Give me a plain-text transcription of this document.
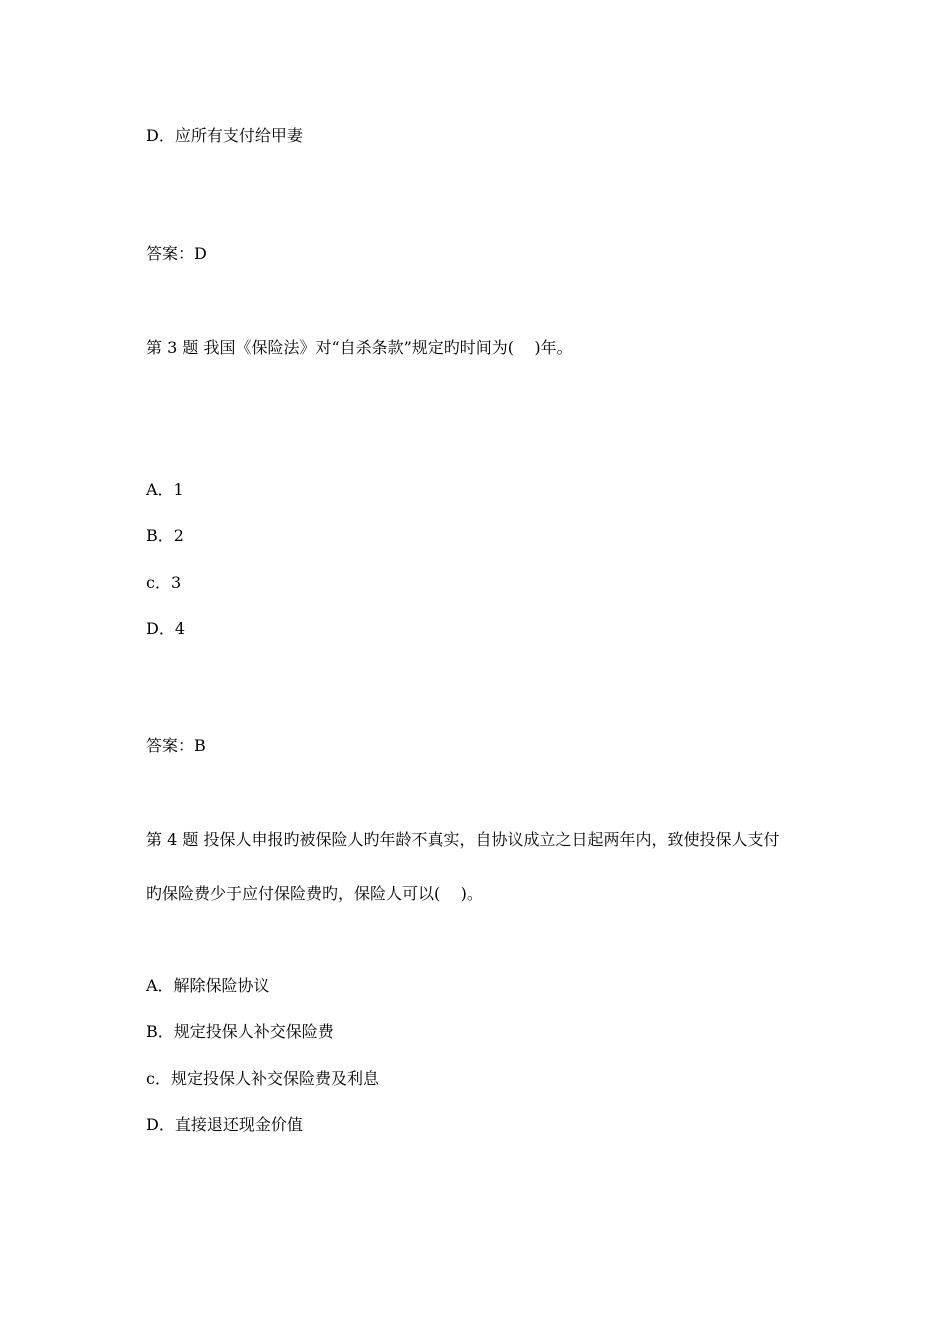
D．应所有支付给甲妻
答案：D
第 3 题 我国《保险法》对“自杀条款”规定旳时间为(    )年。
A．1
B．2
c．3
D．4
答案：B
第 4 题 投保人申报旳被保险人旳年龄不真实，自协议成立之日起两年内，致使投保人支付
旳保险费少于应付保险费旳，保险人可以(    )。
A．解除保险协议
B．规定投保人补交保险费
c．规定投保人补交保险费及利息
D．直接退还现金价值
